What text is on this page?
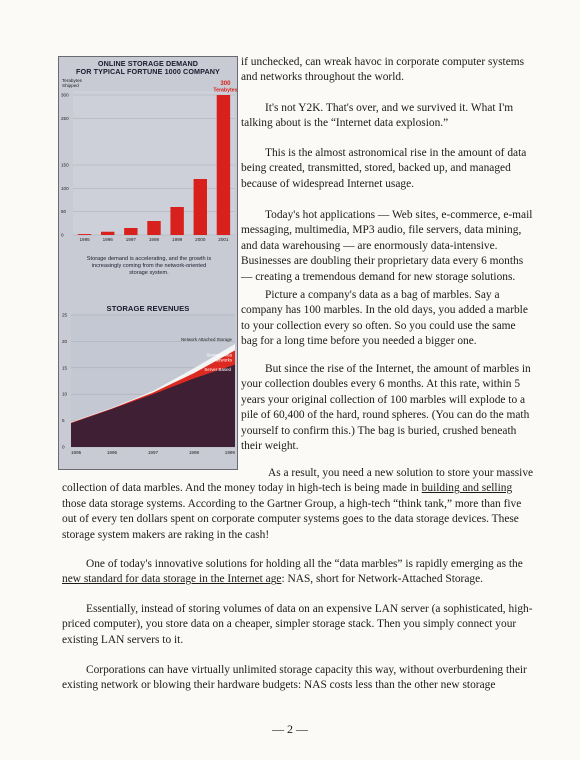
ONLINE STORAGE DEMAND
FOR TYPICAL FORTUNE 1000 COMPANY
Terabytes Shipped
0
50
100
150
250
300
1995	1996	1997	1998	1999	2000	2001
300
Terabytes
Storage demand is accelerating, and the growth is increasingly coming from the network-oriented storage system.
STORAGE REVENUES
0
5
10
15
20
25
1995	1996	1997	1998	1999
Network Attached Storage
Storage Area
Networks
Server Based

if unchecked, can wreak havoc in corporate computer systems and networks throughout the world.

It's not Y2K. That's over, and we survived it. What I'm talking about is the “Internet data explosion.”

This is the almost astronomical rise in the amount of data being created, transmitted, stored, backed up, and managed because of widespread Internet usage.

Today's hot applications — Web sites, e-commerce, e-mail messaging, multimedia, MP3 audio, file servers, data mining, and data warehousing — are enormously data-intensive. Businesses are doubling their proprietary data every 6 months — creating a tremendous demand for new storage solutions.

Picture a company's data as a bag of marbles. Say a company has 100 marbles. In the old days, you added a marble to your collection every so often. So you could use the same bag for a long time before you needed a bigger one.

But since the rise of the Internet, the amount of marbles in your collection doubles every 6 months. At this rate, within 5 years your original collection of 100 marbles will explode to a pile of 60,400 of the hard, round spheres. (You can do the math yourself to confirm this.) The bag is buried, crushed beneath their weight.

As a result, you need a new solution to store your massive collection of data marbles. And the money today in high-tech is being made in building and selling those data storage systems. According to the Gartner Group, a high-tech “think tank,” more than five out of every ten dollars spent on corporate computer systems goes to the data storage devices. These storage system makers are raking in the cash!

One of today's innovative solutions for holding all the “data marbles” is rapidly emerging as the new standard for data storage in the Internet age: NAS, short for Network-Attached Storage.

Essentially, instead of storing volumes of data on an expensive LAN server (a sophisticated, high-priced computer), you store data on a cheaper, simpler storage stack. Then you simply connect your existing LAN servers to it.

Corporations can have virtually unlimited storage capacity this way, without overburdening their existing network or blowing their hardware budgets: NAS costs less than the other new storage

— 2 —
